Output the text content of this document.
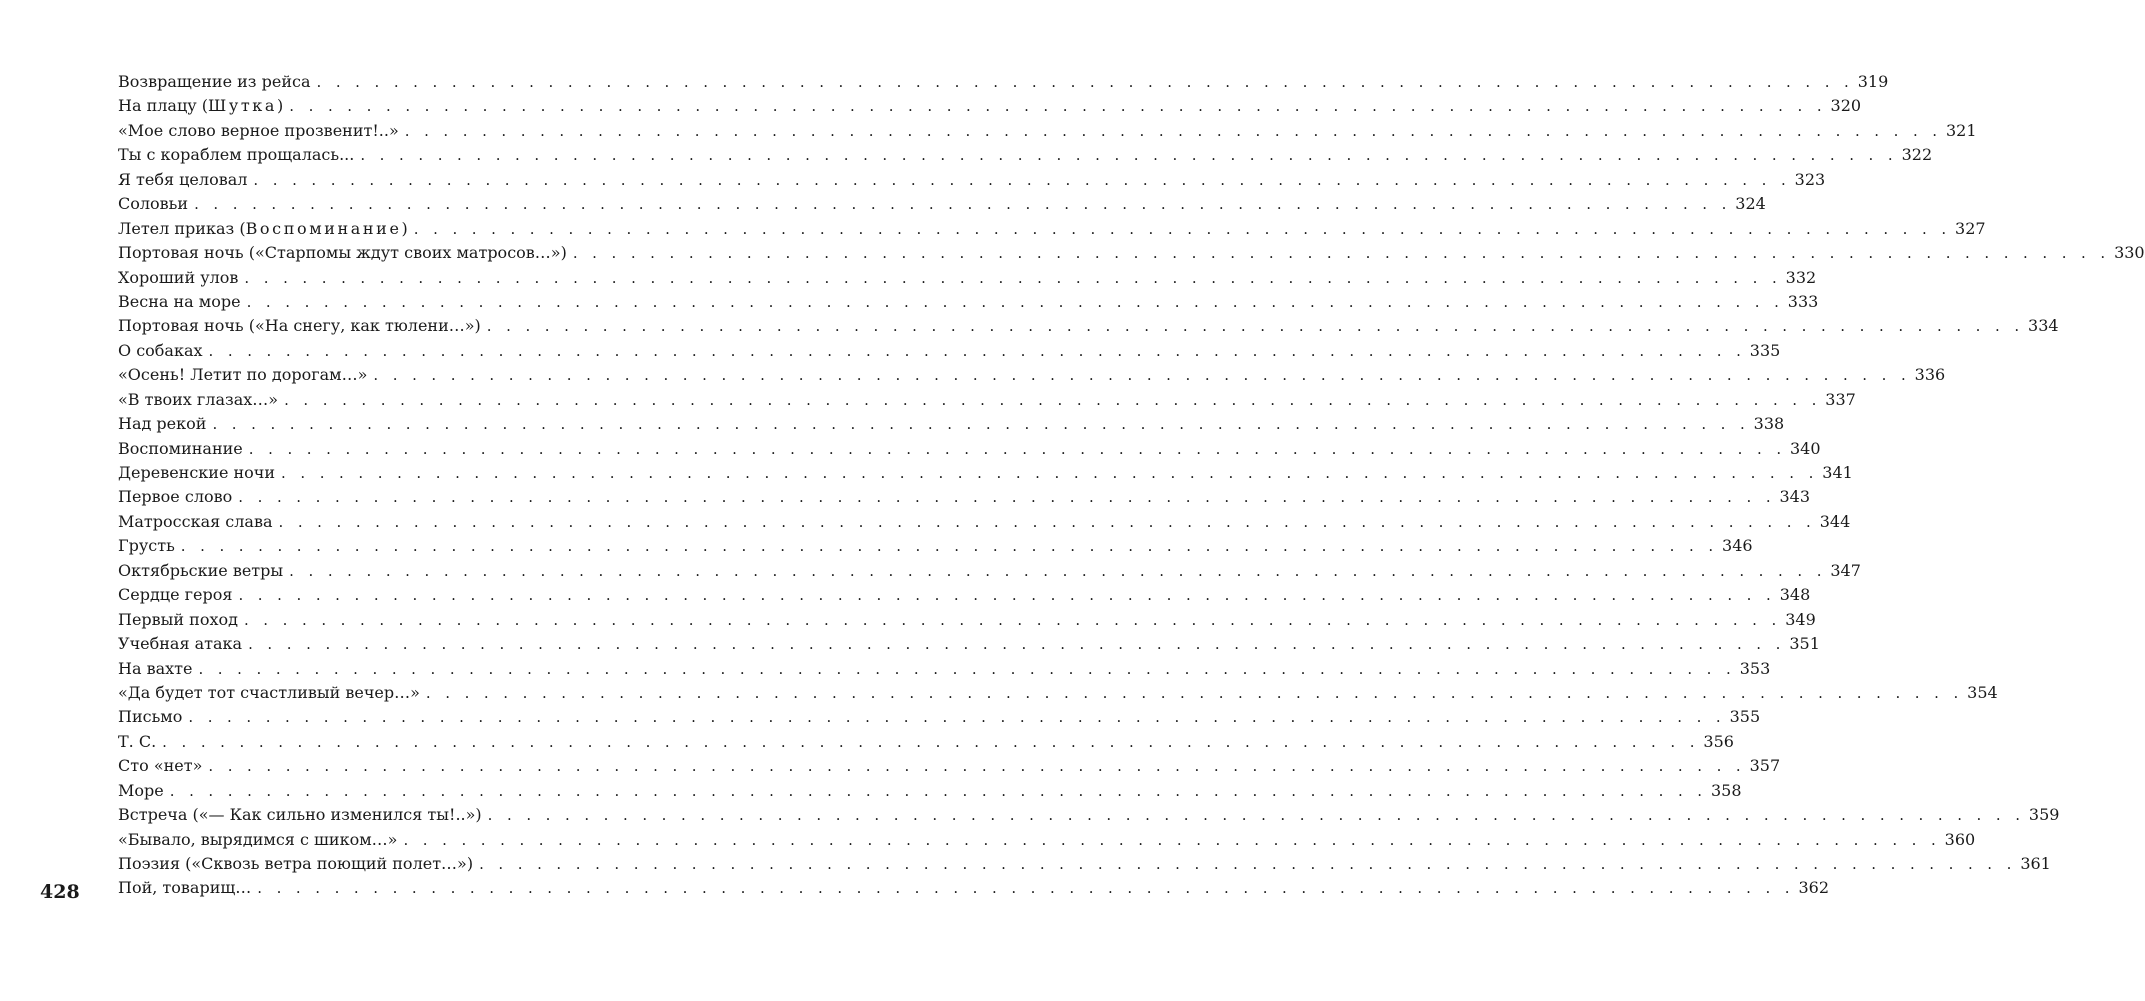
Возвращение из рейса . . . . . . . . . . . . . . . . . . . . . . . . . . . . . . . . . . . . . . . . . . . . . . . . . . . . . . . . . . . . . . . . . . . . . . . . . . . . . . . . 319
На плацу (Шутка) . . . . . . . . . . . . . . . . . . . . . . . . . . . . . . . . . . . . . . . . . . . . . . . . . . . . . . . . . . . . . . . . . . . . . . . . . . . . . . . . 320
«Мое слово верное прозвенит!..» . . . . . . . . . . . . . . . . . . . . . . . . . . . . . . . . . . . . . . . . . . . . . . . . . . . . . . . . . . . . . . . . . . . . . . . . . . . . . . . . 321
Ты с кораблем прощалась... . . . . . . . . . . . . . . . . . . . . . . . . . . . . . . . . . . . . . . . . . . . . . . . . . . . . . . . . . . . . . . . . . . . . . . . . . . . . . . . . 322
Я тебя целовал . . . . . . . . . . . . . . . . . . . . . . . . . . . . . . . . . . . . . . . . . . . . . . . . . . . . . . . . . . . . . . . . . . . . . . . . . . . . . . . . 323
Соловьи . . . . . . . . . . . . . . . . . . . . . . . . . . . . . . . . . . . . . . . . . . . . . . . . . . . . . . . . . . . . . . . . . . . . . . . . . . . . . . . . 324
Летел приказ (Воспоминание) . . . . . . . . . . . . . . . . . . . . . . . . . . . . . . . . . . . . . . . . . . . . . . . . . . . . . . . . . . . . . . . . . . . . . . . . . . . . . . . . 327
Портовая ночь («Старпомы ждут своих матросов…») . . . . . . . . . . . . . . . . . . . . . . . . . . . . . . . . . . . . . . . . . . . . . . . . . . . . . . . . . . . . . . . . . . . . . . . . . . . . . . . . 330
Хороший улов . . . . . . . . . . . . . . . . . . . . . . . . . . . . . . . . . . . . . . . . . . . . . . . . . . . . . . . . . . . . . . . . . . . . . . . . . . . . . . . . 332
Весна на море . . . . . . . . . . . . . . . . . . . . . . . . . . . . . . . . . . . . . . . . . . . . . . . . . . . . . . . . . . . . . . . . . . . . . . . . . . . . . . . . 333
Портовая ночь («На снегу, как тюлени…») . . . . . . . . . . . . . . . . . . . . . . . . . . . . . . . . . . . . . . . . . . . . . . . . . . . . . . . . . . . . . . . . . . . . . . . . . . . . . . . . 334
О собаках . . . . . . . . . . . . . . . . . . . . . . . . . . . . . . . . . . . . . . . . . . . . . . . . . . . . . . . . . . . . . . . . . . . . . . . . . . . . . . . . 335
«Осень! Летит по дорогам…» . . . . . . . . . . . . . . . . . . . . . . . . . . . . . . . . . . . . . . . . . . . . . . . . . . . . . . . . . . . . . . . . . . . . . . . . . . . . . . . . 336
«В твоих глазах…» . . . . . . . . . . . . . . . . . . . . . . . . . . . . . . . . . . . . . . . . . . . . . . . . . . . . . . . . . . . . . . . . . . . . . . . . . . . . . . . . 337
Над рекой . . . . . . . . . . . . . . . . . . . . . . . . . . . . . . . . . . . . . . . . . . . . . . . . . . . . . . . . . . . . . . . . . . . . . . . . . . . . . . . . 338
Воспоминание . . . . . . . . . . . . . . . . . . . . . . . . . . . . . . . . . . . . . . . . . . . . . . . . . . . . . . . . . . . . . . . . . . . . . . . . . . . . . . . . 340
Деревенские ночи . . . . . . . . . . . . . . . . . . . . . . . . . . . . . . . . . . . . . . . . . . . . . . . . . . . . . . . . . . . . . . . . . . . . . . . . . . . . . . . . 341
Первое слово . . . . . . . . . . . . . . . . . . . . . . . . . . . . . . . . . . . . . . . . . . . . . . . . . . . . . . . . . . . . . . . . . . . . . . . . . . . . . . . . 343
Матросская слава . . . . . . . . . . . . . . . . . . . . . . . . . . . . . . . . . . . . . . . . . . . . . . . . . . . . . . . . . . . . . . . . . . . . . . . . . . . . . . . . 344
Грусть . . . . . . . . . . . . . . . . . . . . . . . . . . . . . . . . . . . . . . . . . . . . . . . . . . . . . . . . . . . . . . . . . . . . . . . . . . . . . . . . 346
Октябрьские ветры . . . . . . . . . . . . . . . . . . . . . . . . . . . . . . . . . . . . . . . . . . . . . . . . . . . . . . . . . . . . . . . . . . . . . . . . . . . . . . . . 347
Сердце героя . . . . . . . . . . . . . . . . . . . . . . . . . . . . . . . . . . . . . . . . . . . . . . . . . . . . . . . . . . . . . . . . . . . . . . . . . . . . . . . . 348
Первый поход . . . . . . . . . . . . . . . . . . . . . . . . . . . . . . . . . . . . . . . . . . . . . . . . . . . . . . . . . . . . . . . . . . . . . . . . . . . . . . . . 349
Учебная атака . . . . . . . . . . . . . . . . . . . . . . . . . . . . . . . . . . . . . . . . . . . . . . . . . . . . . . . . . . . . . . . . . . . . . . . . . . . . . . . . 351
На вахте . . . . . . . . . . . . . . . . . . . . . . . . . . . . . . . . . . . . . . . . . . . . . . . . . . . . . . . . . . . . . . . . . . . . . . . . . . . . . . . . 353
«Да будет тот счастливый вечер…» . . . . . . . . . . . . . . . . . . . . . . . . . . . . . . . . . . . . . . . . . . . . . . . . . . . . . . . . . . . . . . . . . . . . . . . . . . . . . . . . 354
Письмо . . . . . . . . . . . . . . . . . . . . . . . . . . . . . . . . . . . . . . . . . . . . . . . . . . . . . . . . . . . . . . . . . . . . . . . . . . . . . . . . 355
Т. С. . . . . . . . . . . . . . . . . . . . . . . . . . . . . . . . . . . . . . . . . . . . . . . . . . . . . . . . . . . . . . . . . . . . . . . . . . . . . . . . . 356
Сто «нет» . . . . . . . . . . . . . . . . . . . . . . . . . . . . . . . . . . . . . . . . . . . . . . . . . . . . . . . . . . . . . . . . . . . . . . . . . . . . . . . . 357
Море . . . . . . . . . . . . . . . . . . . . . . . . . . . . . . . . . . . . . . . . . . . . . . . . . . . . . . . . . . . . . . . . . . . . . . . . . . . . . . . . 358
Встреча («— Как сильно изменился ты!..») . . . . . . . . . . . . . . . . . . . . . . . . . . . . . . . . . . . . . . . . . . . . . . . . . . . . . . . . . . . . . . . . . . . . . . . . . . . . . . . . 359
«Бывало, вырядимся с шиком…» . . . . . . . . . . . . . . . . . . . . . . . . . . . . . . . . . . . . . . . . . . . . . . . . . . . . . . . . . . . . . . . . . . . . . . . . . . . . . . . . 360
Поэзия («Сквозь ветра поющий полет…») . . . . . . . . . . . . . . . . . . . . . . . . . . . . . . . . . . . . . . . . . . . . . . . . . . . . . . . . . . . . . . . . . . . . . . . . . . . . . . . . 361
Пой, товарищ… . . . . . . . . . . . . . . . . . . . . . . . . . . . . . . . . . . . . . . . . . . . . . . . . . . . . . . . . . . . . . . . . . . . . . . . . . . . . . . . . 362
428
